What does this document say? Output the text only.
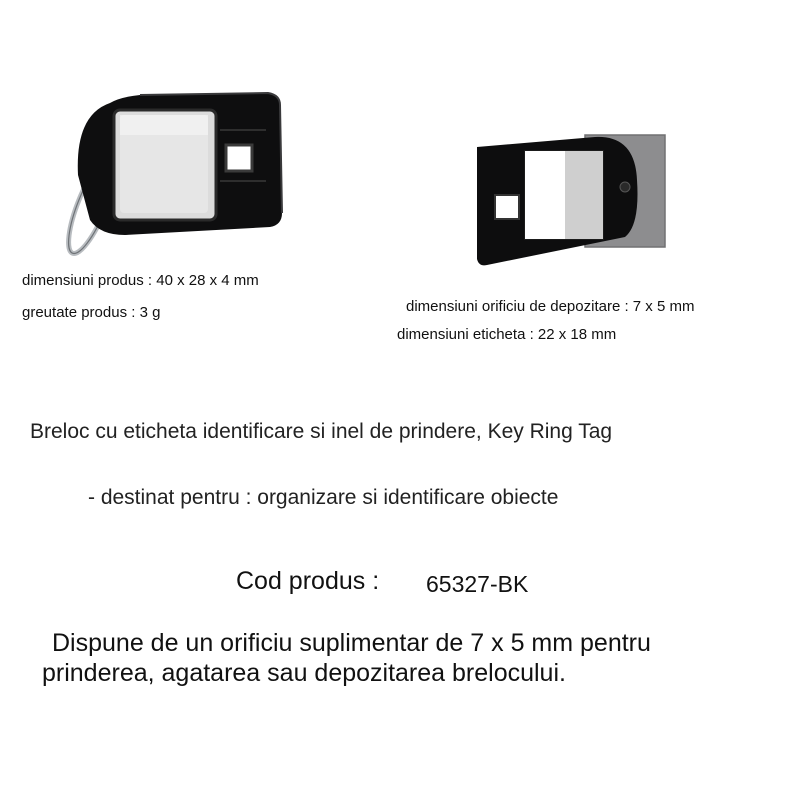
dimensiuni produs : 40 x 28 x 4 mm
greutate produs : 3 g	dimensiuni orificiu de depozitare : 7 x 5 mm
dimensiuni eticheta : 22 x 18 mm
Breloc cu eticheta identificare si inel de prindere, Key Ring Tag
- destinat pentru : organizare si identificare obiecte
Cod produs : 65327-BK
Dispune de un orificiu suplimentar de 7 x 5 mm pentru
prinderea, agatarea sau depozitarea brelocului.
